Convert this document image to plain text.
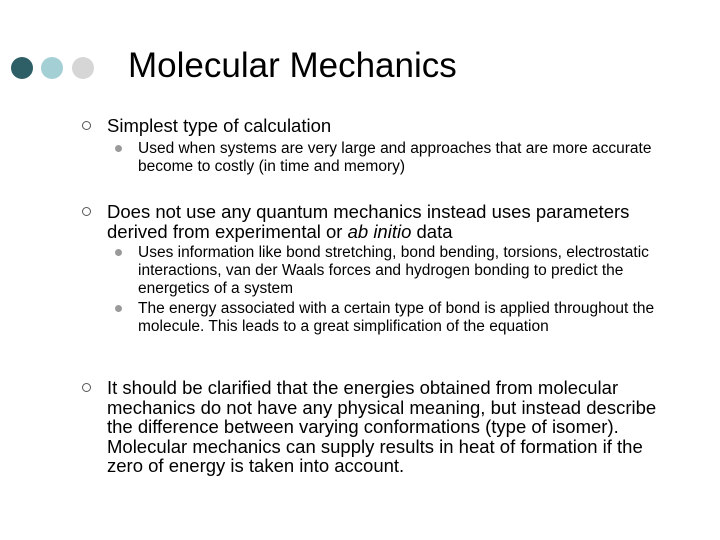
Molecular Mechanics
Simplest type of calculation
Used when systems are very large and approaches that are more accurate become to costly (in time and memory)
Does not use any quantum mechanics instead uses parameters derived from experimental or ab initio data
Uses information like bond stretching, bond bending, torsions, electrostatic interactions, van der Waals forces and hydrogen bonding to predict the energetics of a system
The energy associated with a certain type of bond is applied throughout the molecule. This leads to a great simplification of the equation
It should be clarified that the energies obtained from molecular mechanics do not have any physical meaning, but instead describe the difference between varying conformations (type of isomer). Molecular mechanics can supply results in heat of formation if the zero of energy is taken into account.
